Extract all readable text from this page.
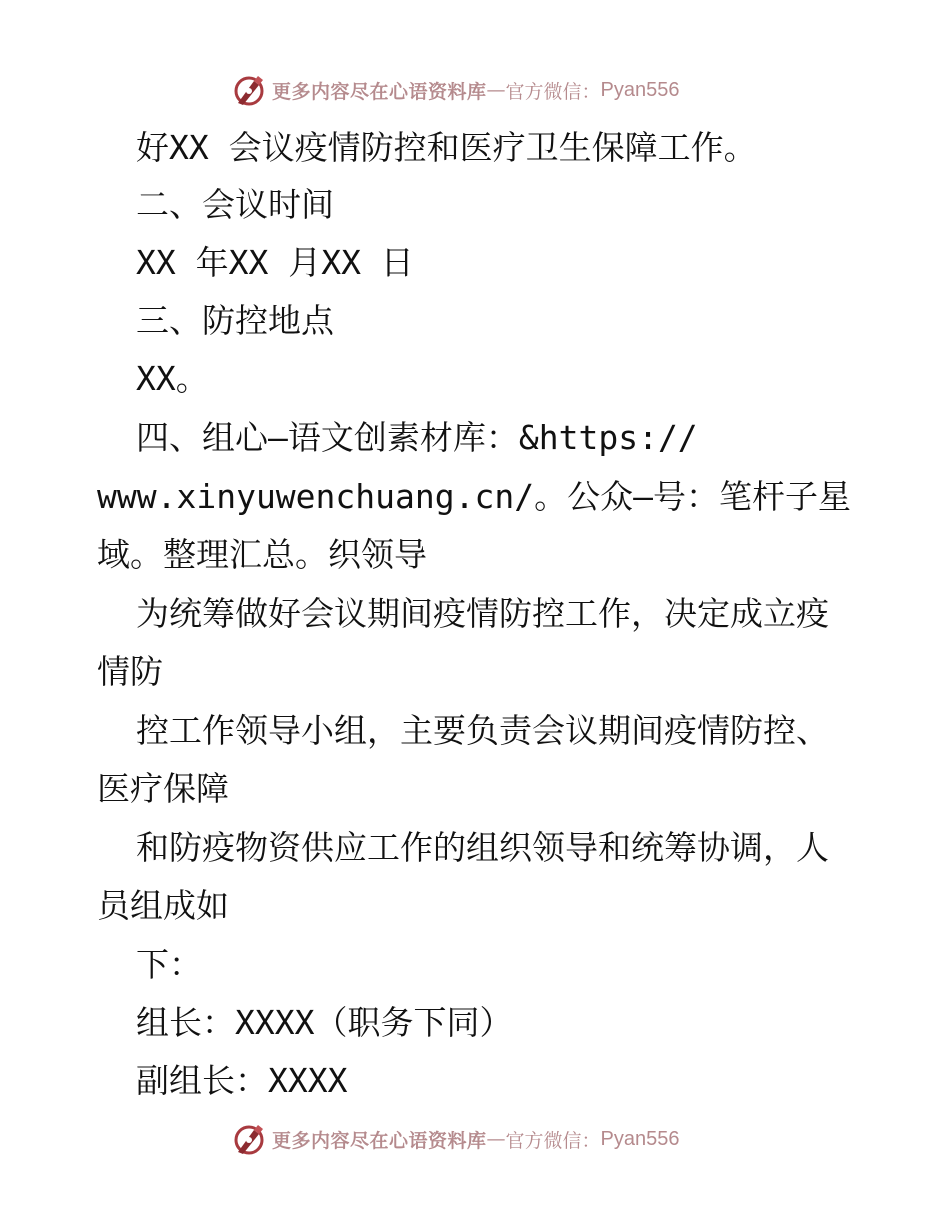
更多内容尽在心语资料库 — 官方微信： Pyan556

好XX 会议疫情防控和医疗卫生保障工作。

二、会议时间

XX 年XX 月XX 日

三、防控地点

XX。

四、组心—语文创素材库：&https://

www.xinyuwenchuang.cn/。公众—号：笔杆子星

域。整理汇总。织领导

为统筹做好会议期间疫情防控工作，决定成立疫

情防

控工作领导小组，主要负责会议期间疫情防控、

医疗保障

和防疫物资供应工作的组织领导和统筹协调，人

员组成如

下：

组长：XXXX（职务下同）

副组长：XXXX

更多内容尽在心语资料库 — 官方微信： Pyan556
